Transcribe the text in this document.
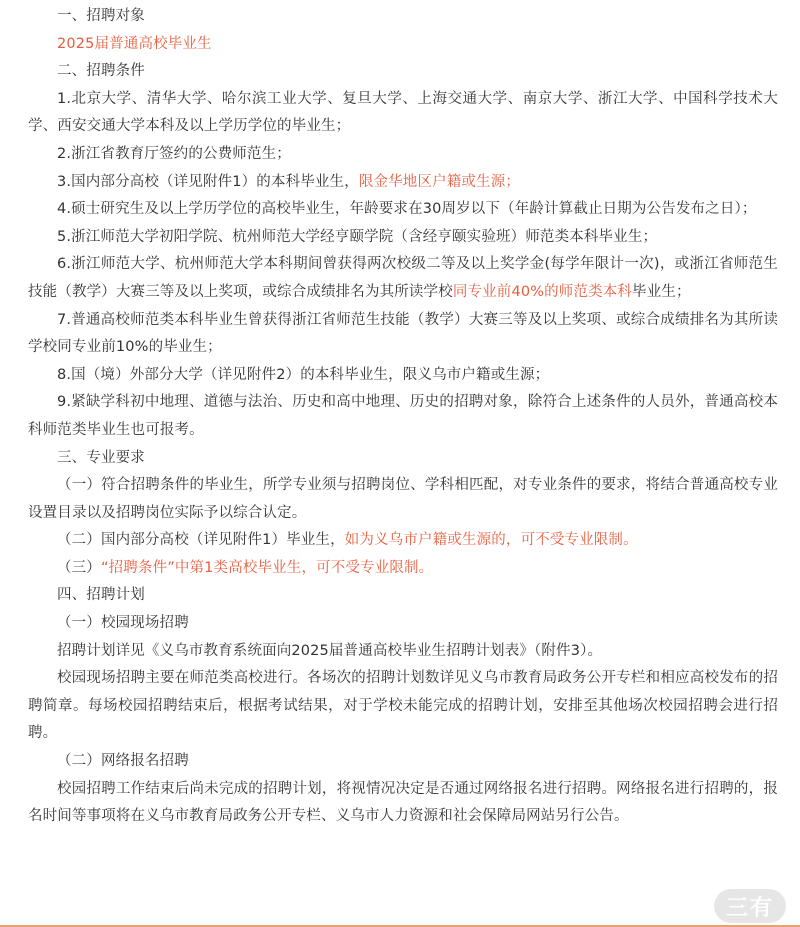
一、招聘对象

2025届普通高校毕业生

二、招聘条件

1.北京大学、清华大学、哈尔滨工业大学、复旦大学、上海交通大学、南京大学、浙江大学、中国科学技术大学、西安交通大学本科及以上学历学位的毕业生；

2.浙江省教育厅签约的公费师范生；

3.国内部分高校（详见附件1）的本科毕业生，限金华地区户籍或生源；

4.硕士研究生及以上学历学位的高校毕业生，年龄要求在30周岁以下（年龄计算截止日期为公告发布之日）；

5.浙江师范大学初阳学院、杭州师范大学经亨颐学院（含经亨颐实验班）师范类本科毕业生；

6.浙江师范大学、杭州师范大学本科期间曾获得两次校级二等及以上奖学金(每学年限计一次)，或浙江省师范生技能（教学）大赛三等及以上奖项，或综合成绩排名为其所读学校同专业前40%的师范类本科毕业生；

7.普通高校师范类本科毕业生曾获得浙江省师范生技能（教学）大赛三等及以上奖项、或综合成绩排名为其所读学校同专业前10%的毕业生；

8.国（境）外部分大学（详见附件2）的本科毕业生，限义乌市户籍或生源；

9.紧缺学科初中地理、道德与法治、历史和高中地理、历史的招聘对象，除符合上述条件的人员外，普通高校本科师范类毕业生也可报考。

三、专业要求

（一）符合招聘条件的毕业生，所学专业须与招聘岗位、学科相匹配，对专业条件的要求，将结合普通高校专业设置目录以及招聘岗位实际予以综合认定。

（二）国内部分高校（详见附件1）毕业生，如为义乌市户籍或生源的，可不受专业限制。

（三）“招聘条件”中第1类高校毕业生，可不受专业限制。

四、招聘计划

（一）校园现场招聘

招聘计划详见《义乌市教育系统面向2025届普通高校毕业生招聘计划表》（附件3）。

校园现场招聘主要在师范类高校进行。各场次的招聘计划数详见义乌市教育局政务公开专栏和相应高校发布的招聘简章。每场校园招聘结束后，根据考试结果，对于学校未能完成的招聘计划，安排至其他场次校园招聘会进行招聘。

（二）网络报名招聘

校园招聘工作结束后尚未完成的招聘计划，将视情况决定是否通过网络报名进行招聘。网络报名进行招聘的，报名时间等事项将在义乌市教育局政务公开专栏、义乌市人力资源和社会保障局网站另行公告。

三有
